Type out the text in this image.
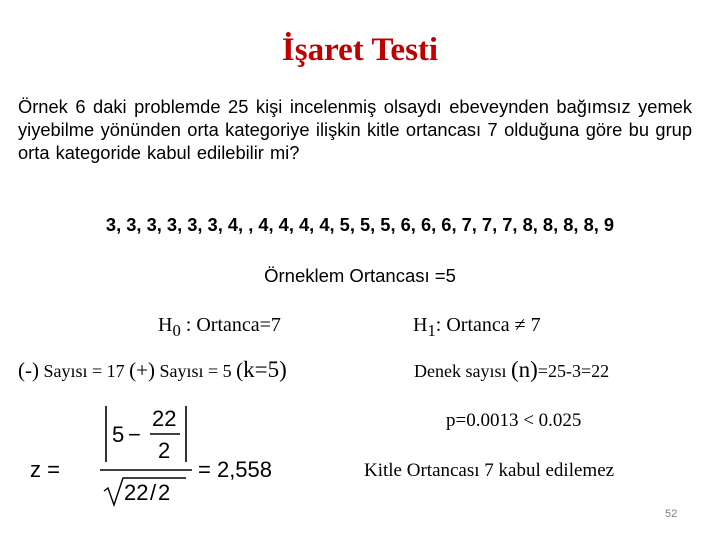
İşaret Testi
Örnek 6 daki problemde 25 kişi incelenmiş olsaydı ebeveynden bağımsız yemek yiyebilme yönünden orta kategoriye ilişkin kitle ortancası 7 olduğuna göre bu grup orta kategoride kabul edilebilir mi?
3, 3, 3, 3, 3, 3, 4, , 4, 4, 4, 4, 5, 5, 5, 6, 6, 6, 7, 7, 7, 8, 8, 8, 8, 9
Örneklem Ortancası =5
$H_0$ : Ortanca=7	$H_1$: Ortanca ≠ 7
(-) Sayısı = 17 (+) Sayısı = 5 (k=5)	Denek sayısı (n)=25-3=22
p=0.0013 < 0.025
Kitle Ortancası 7 kabul edilemez
z =
5 −
22
2
22 / 2
= 2,558
52
